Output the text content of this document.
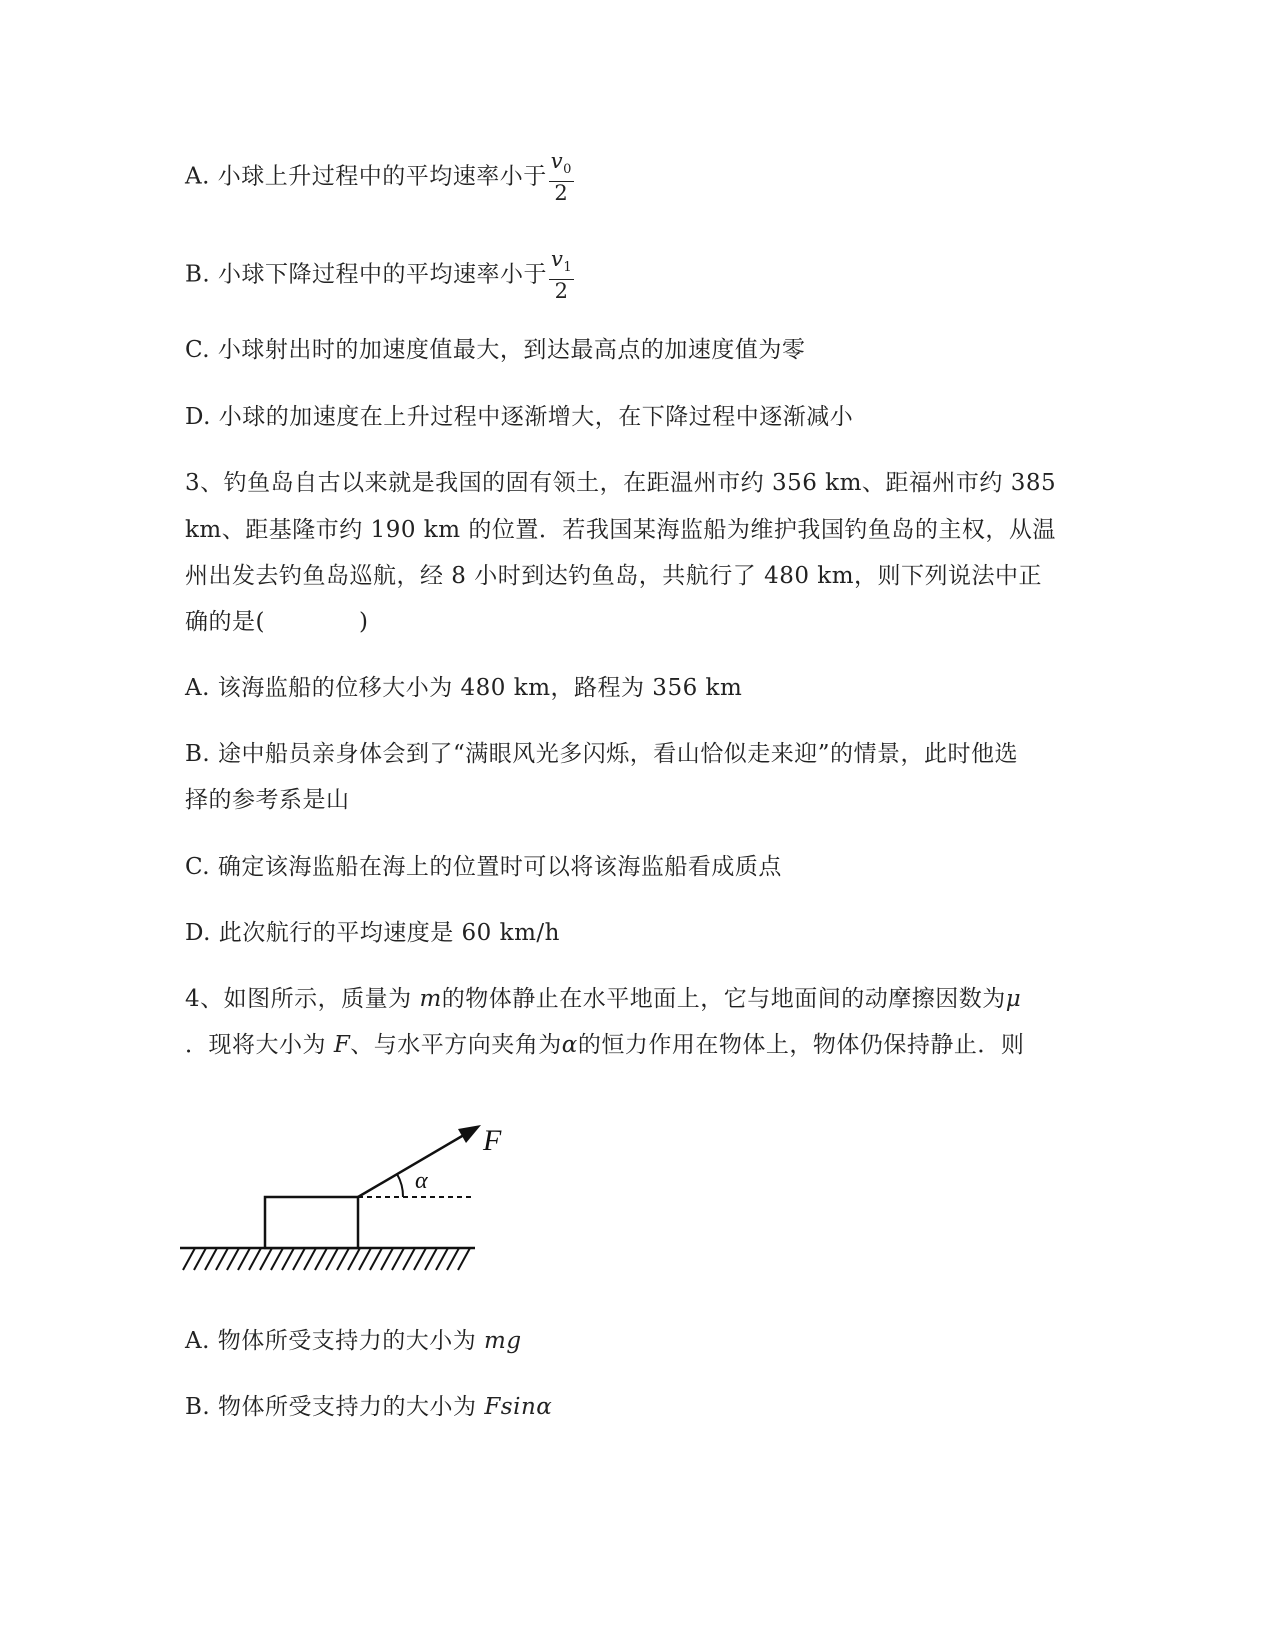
A. 小球上升过程中的平均速率小于 $\frac{v_0}{2}$
B. 小球下降过程中的平均速率小于 $\frac{v_1}{2}$
C. 小球射出时的加速度值最大，到达最高点的加速度值为零
D. 小球的加速度在上升过程中逐渐增大，在下降过程中逐渐减小
3、钓鱼岛自古以来就是我国的固有领土，在距温州市约 356 km、距福州市约 385
km、距基隆市约 190 km 的位置．若我国某海监船为维护我国钓鱼岛的主权，从温
州出发去钓鱼岛巡航，经 8 小时到达钓鱼岛，共航行了 480 km，则下列说法中正
确的是(　　　　)
A. 该海监船的位移大小为 480 km，路程为 356 km
B. 途中船员亲身体会到了“满眼风光多闪烁，看山恰似走来迎”的情景，此时他选
择的参考系是山
C. 确定该海监船在海上的位置时可以将该海监船看成质点
D. 此次航行的平均速度是 60 km/h
4、如图所示，质量为 m的物体静止在水平地面上，它与地面间的动摩擦因数为μ
．现将大小为 F、与水平方向夹角为α的恒力作用在物体上，物体仍保持静止．则
F
α
A. 物体所受支持力的大小为 mg
B. 物体所受支持力的大小为 Fsinα
